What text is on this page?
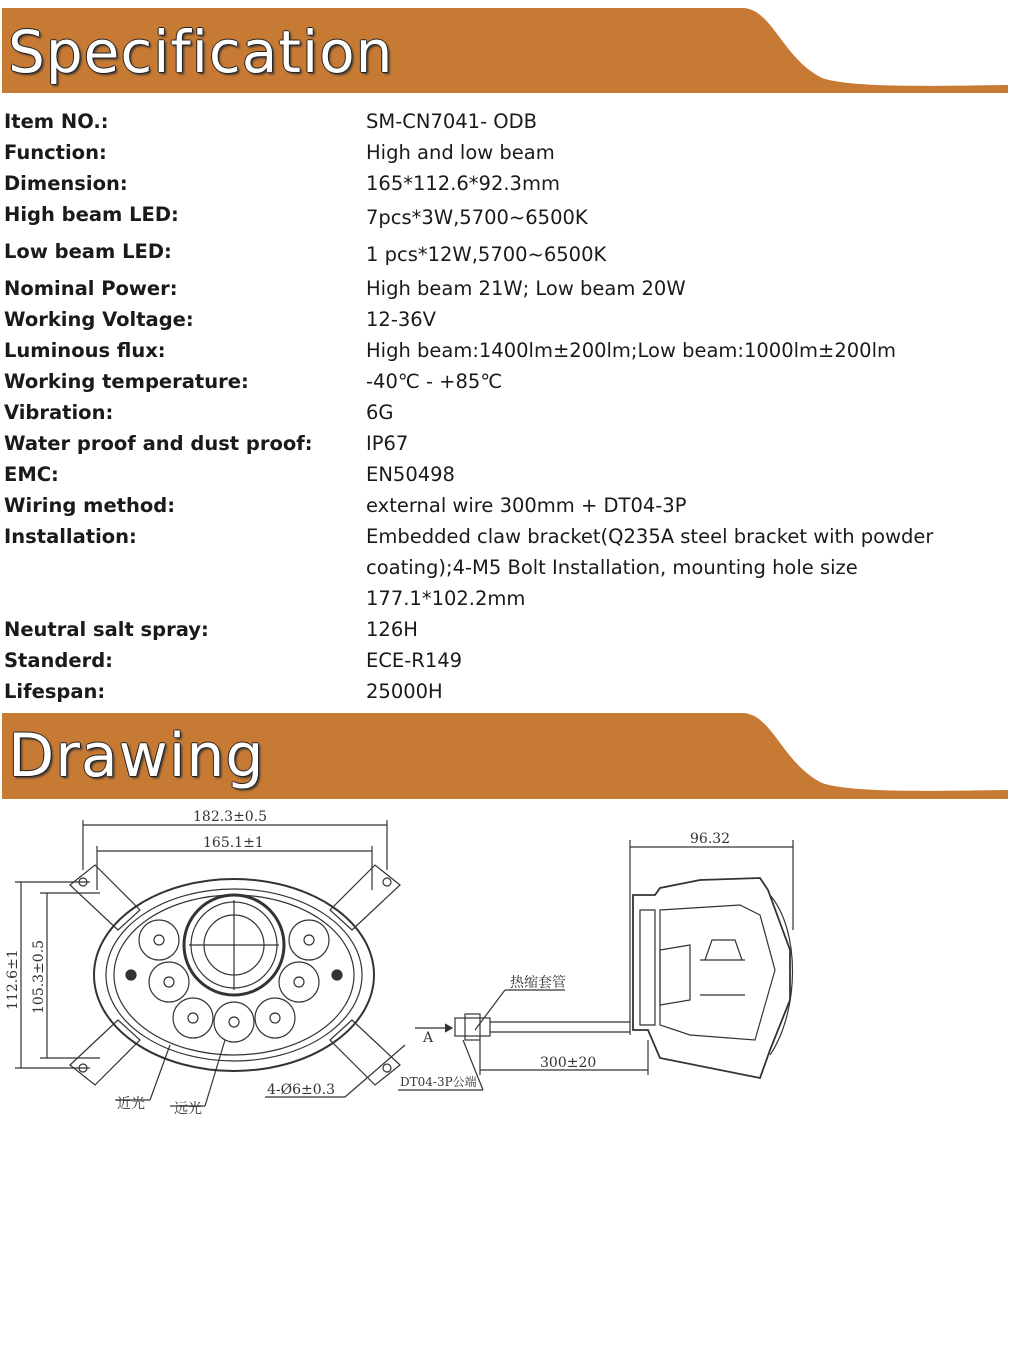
Specification
Item NO.:	SM-CN7041- ODB
Function:	High and low beam
Dimension:	165*112.6*92.3mm
High beam LED:	7pcs*3W,5700~6500K
Low beam LED:	1 pcs*12W,5700~6500K
Nominal Power:	High beam 21W; Low beam 20W
Working Voltage:	12-36V
Luminous flux:	High beam:1400lm±200lm;Low beam:1000lm±200lm
Working temperature:	-40℃ - +85℃
Vibration:	6G
Water proof and dust proof:	IP67
EMC:	EN50498
Wiring method:	external wire 300mm + DT04-3P
Installation:	Embedded claw bracket(Q235A steel bracket with powder coating);4-M5 Bolt Installation, mounting hole size 177.1*102.2mm
Neutral salt spray:	126H
Standerd:	ECE-R149
Lifespan:	25000H
Drawing
182.3±0.5
165.1±1
112.6±1 105.3±0.5
96.32
300±20
近光 远光
4-Ø6±0.3
热缩套管
DT04-3P公端
A
